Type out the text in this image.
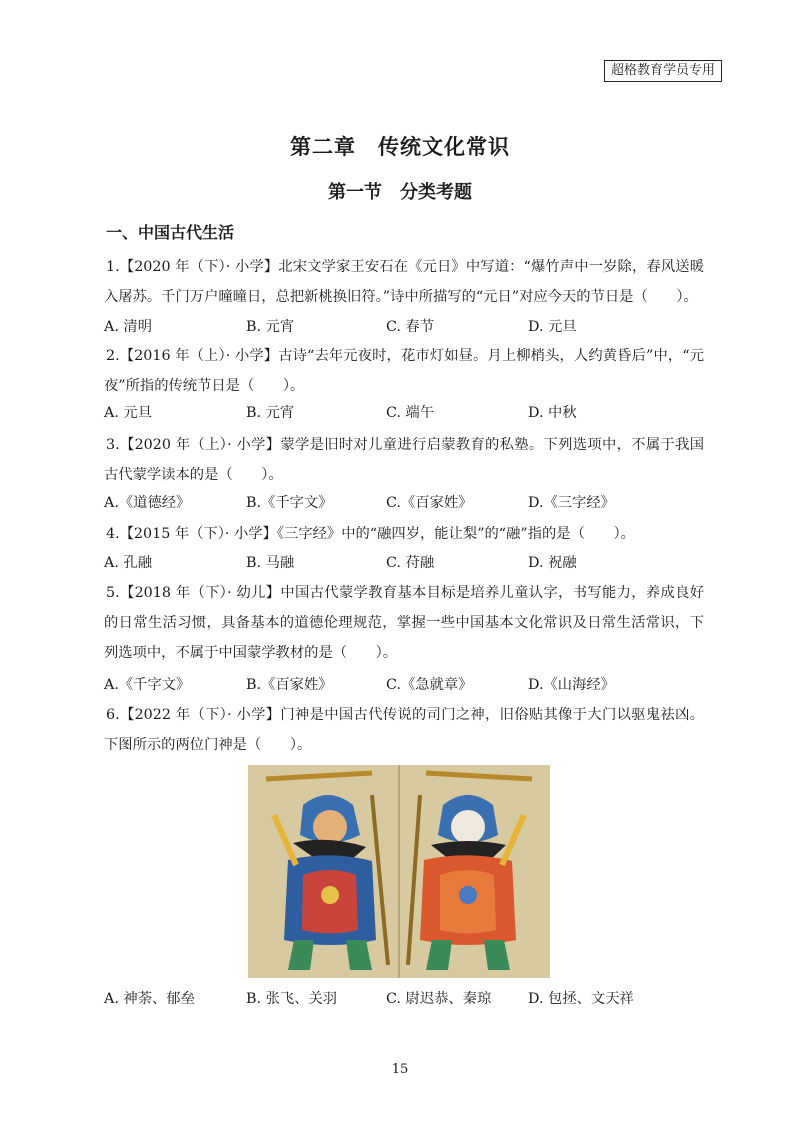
超格教育学员专用
第二章　传统文化常识
第一节　分类考题
一、中国古代生活
1.【2020 年（下）· 小学】北宋文学家王安石在《元日》中写道：“爆竹声中一岁除，春风送暖入屠苏。千门万户曈曈日，总把新桃换旧符。”诗中所描写的“元日”对应今天的节日是（　　）。
A. 清明	B. 元宵	C. 春节	D. 元旦
2.【2016 年（上）· 小学】古诗“去年元夜时，花市灯如昼。月上柳梢头，人约黄昏后”中，“元夜”所指的传统节日是（　　）。
A. 元旦	B. 元宵	C. 端午	D. 中秋
3.【2020 年（上）· 小学】蒙学是旧时对儿童进行启蒙教育的私塾。下列选项中，不属于我国古代蒙学读本的是（　　）。
A.《道德经》	B.《千字文》	C.《百家姓》	D.《三字经》
4.【2015 年（下）· 小学】《三字经》中的“融四岁，能让梨”的“融”指的是（　　）。
A. 孔融	B. 马融	C. 苻融	D. 祝融
5.【2018 年（下）· 幼儿】中国古代蒙学教育基本目标是培养儿童认字，书写能力，养成良好的日常生活习惯，具备基本的道德伦理规范，掌握一些中国基本文化常识及日常生活常识，下列选项中，不属于中国蒙学教材的是（　　）。
A.《千字文》	B.《百家姓》	C.《急就章》	D.《山海经》
6.【2022 年（下）· 小学】门神是中国古代传说的司门之神，旧俗贴其像于大门以驱鬼祛凶。下图所示的两位门神是（　　）。
A. 神荼、郁垒	B. 张飞、关羽	C. 尉迟恭、秦琼	D. 包拯、文天祥
15
